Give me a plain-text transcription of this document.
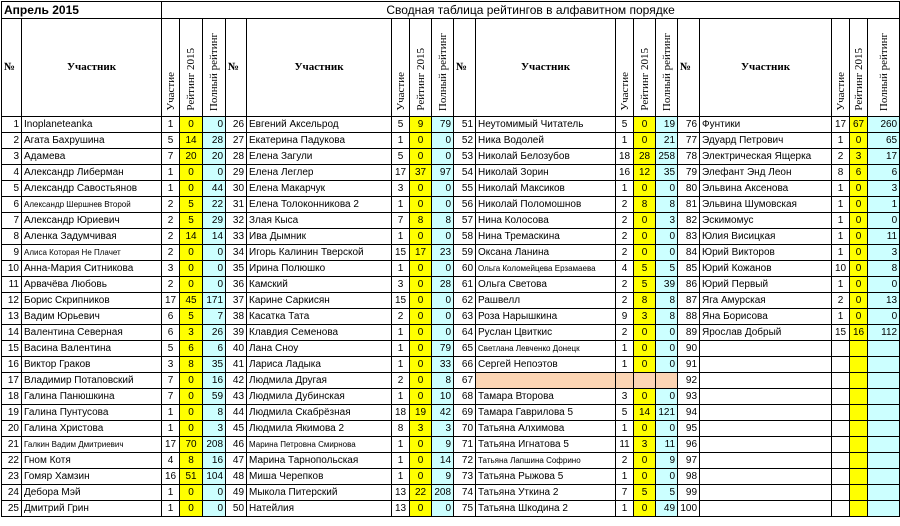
Апрель 2015		Сводная таблица рейтингов в алфавитном порядке																	
№	Участник	Участие	Рейтинг 2015	Полный рейтинг	№	Участник	Участие	Рейтинг 2015	Полный рейтинг	№	Участник	Участие	Рейтинг 2015	Полный рейтинг	№	Участник	Участие	Рейтинг 2015	Полный рейтинг
1	Inoplaneteanka	1	0	0	26	Евгений Аксельрод	5	9	79	51	Неутомимый Читатель	5	0	19	76	Фунтики	17	67	260
2	Агата Бахрушина	5	14	28	27	Екатерина Падукова	1	0	0	52	Ника Водолей	1	0	21	77	Эдуард Петрович	1	0	65
3	Адамева	7	20	20	28	Елена Загули	5	0	0	53	Николай Белозубов	18	28	258	78	Электрическая Ящерка	2	3	17
4	Александр Либерман	1	0	0	29	Елена Леглер	17	37	97	54	Николай Зорин	16	12	35	79	Элефант Энд Леон	8	6	6
5	Александр Савостьянов	1	0	44	30	Елена Макарчук	3	0	0	55	Николай Максиков	1	0	0	80	Эльвина Аксенова	1	0	3
6	Александр Шершнев Второй	2	5	22	31	Елена Толоконникова 2	1	0	0	56	Николай Поломошнов	2	8	8	81	Эльвина Шумовская	1	0	1
7	Александр Юриевич	2	5	29	32	Злая Кыса	7	8	8	57	Нина Колосова	2	0	3	82	Эскимомус	1	0	0
8	Аленка Задумчивая	2	14	14	33	Ива Дымник	1	0	0	58	Нина Тремаскина	2	0	0	83	Юлия Висицкая	1	0	11
9	Алиса Которая Не Плачет	2	0	0	34	Игорь Калинин Тверской	15	17	23	59	Оксана Ланина	2	0	0	84	Юрий Викторов	1	0	3
10	Анна-Мария Ситникова	3	0	0	35	Ирина Полюшко	1	0	0	60	Ольга Коломейцева Ерзамаева	4	5	5	85	Юрий Кожанов	10	0	8
11	Арвачёва Любовь	2	0	0	36	Камский	3	0	28	61	Ольга Светова	2	5	39	86	Юрий Первый	1	0	0
12	Борис Скрипников	17	45	171	37	Карине Саркисян	15	0	0	62	Рашвелл	2	8	8	87	Яга Амурская	2	0	13
13	Вадим Юрьевич	6	5	7	38	Касатка Тата	2	0	0	63	Роза Нарышкина	9	3	8	88	Яна Борисова	1	0	0
14	Валентина Северная	6	3	26	39	Клавдия Семенова	1	0	0	64	Руслан Цвиткис	2	0	0	89	Ярослав Добрый	15	16	112
15	Васина Валентина	5	6	6	40	Лана Сноу	1	0	79	65	Светлана Левченко Донецк	1	0	0	90				
16	Виктор Граков	3	8	35	41	Лариса Ладыка	1	0	33	66	Сергей Непоэтов	1	0	0	91				
17	Владимир Потаповский	7	0	16	42	Людмила Другая	2	0	8	67					92				
18	Галина Панюшкина	7	0	59	43	Людмила Дубинская	1	0	10	68	Тамара Второва	3	0	0	93				
19	Галина Пунтусова	1	0	8	44	Людмила Скабрёзная	18	19	42	69	Тамара Гаврилова 5	5	14	121	94				
20	Галина Христова	1	0	3	45	Людмила Якимова 2	8	3	3	70	Татьяна Алхимова	1	0	0	95				
21	Галкин Вадим Дмитриевич	17	70	208	46	Марина Петровна Смирнова	1	0	9	71	Татьяна Игнатова 5	11	3	11	96				
22	Гном Котя	4	8	16	47	Марина Тарнопольская	1	0	14	72	Татьяна Лапшина Софрино	2	0	9	97				
23	Гомяр Хамзин	16	51	104	48	Миша Черепков	1	0	9	73	Татьяна Рыжова 5	1	0	0	98				
24	Дебора Мэй	1	0	0	49	Мыкола Питерский	13	22	208	74	Татьяна Уткина 2	7	5	5	99				
25	Дмитрий Грин	1	0	0	50	Натейлия	13	0	0	75	Татьяна Шкодина 2	1	0	49	100				
